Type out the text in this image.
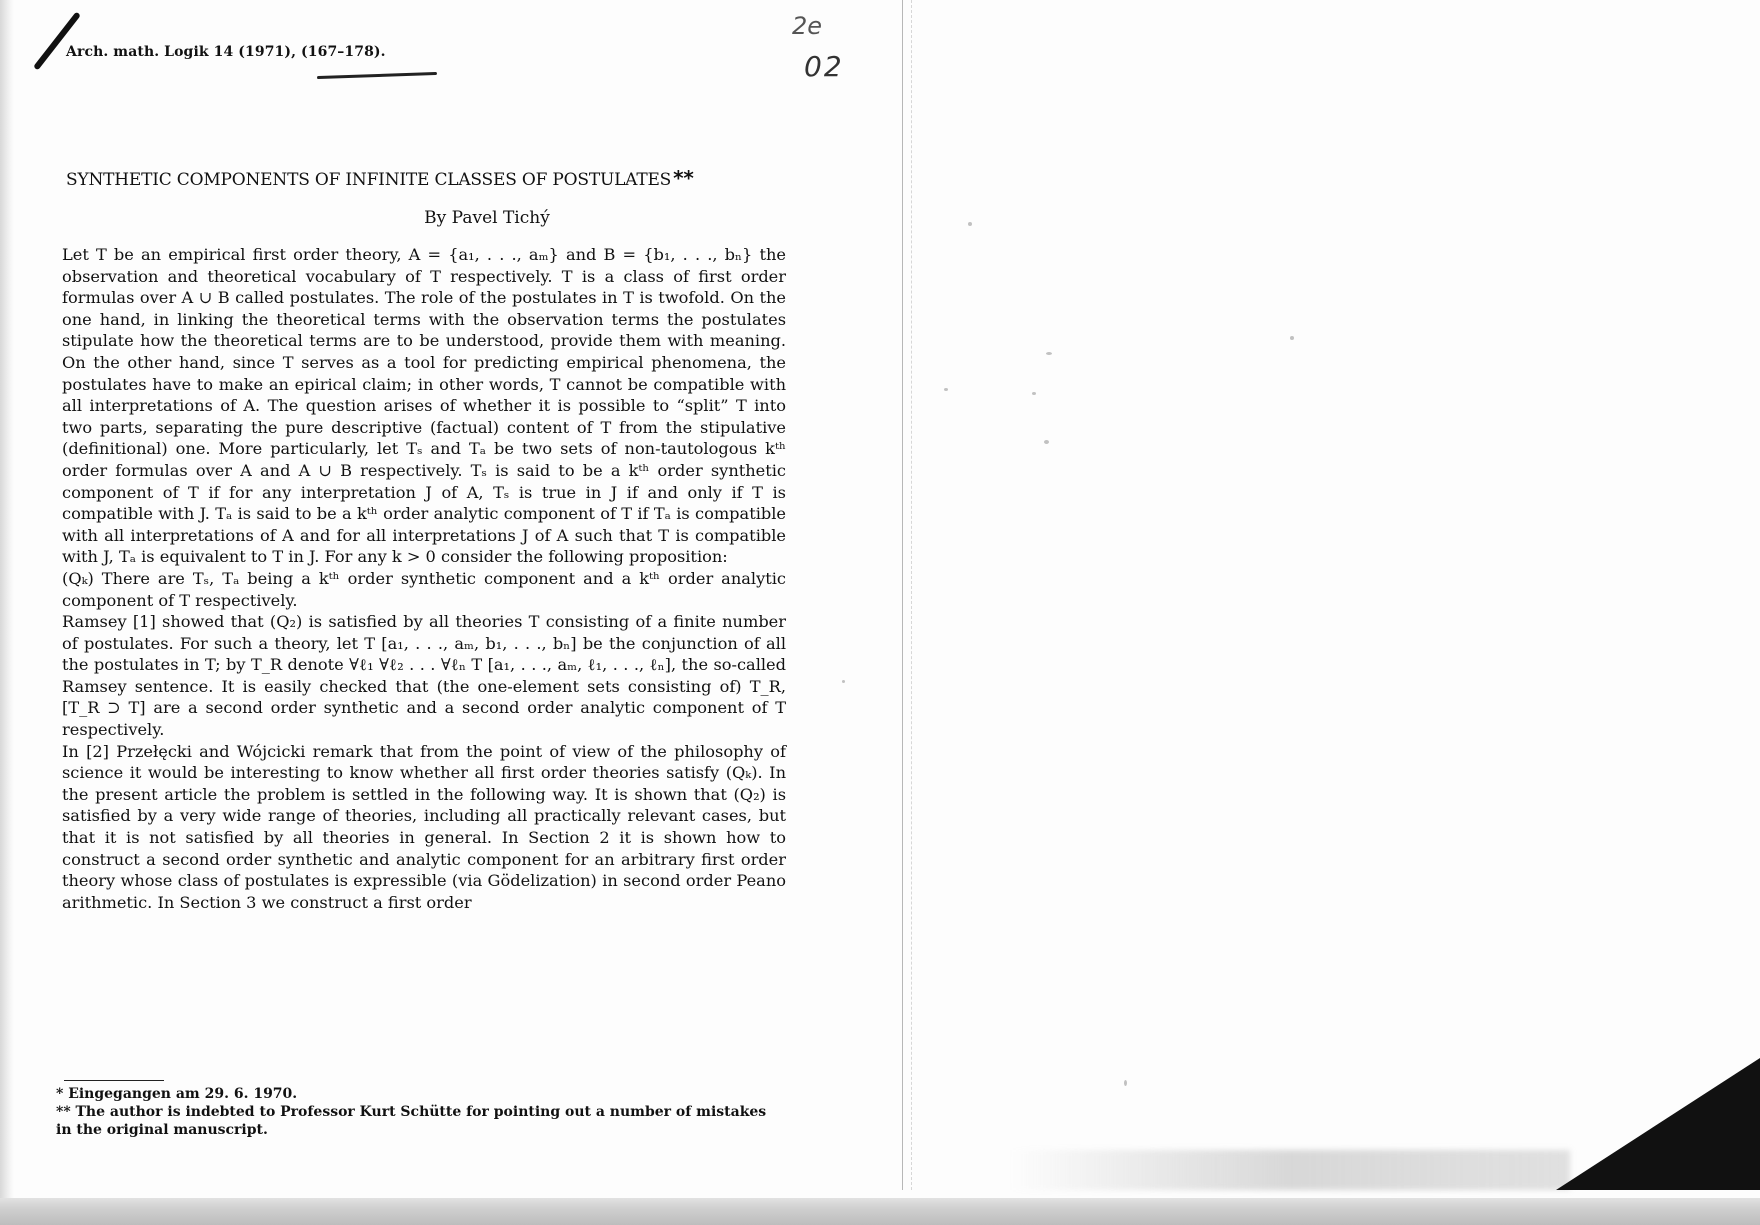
Arch. math. Logik 14 (1971), (167–178).
2e
02
SYNTHETIC COMPONENTS OF INFINITE CLASSES OF POSTULATES **
By Pavel Tichý

Let T be an empirical first order theory, A = {a₁, . . ., aₘ} and B = {b₁, . . ., bₙ} the observation and theoretical vocabulary of T respectively. T is a class of first order formulas over A ∪ B called postulates. The role of the postulates in T is twofold. On the one hand, in linking the theoretical terms with the observation terms the postulates stipulate how the theoretical terms are to be understood, provide them with meaning. On the other hand, since T serves as a tool for predicting empirical phenomena, the postulates have to make an epirical claim; in other words, T cannot be compatible with all interpretations of A. The question arises of whether it is possible to “split” T into two parts, separating the pure descriptive (factual) content of T from the stipulative (definitional) one. More particularly, let Tₛ and Tₐ be two sets of non-tautologous kᵗʰ order formulas over A and A ∪ B respectively. Tₛ is said to be a kᵗʰ order synthetic component of T if for any interpretation J of A, Tₛ is true in J if and only if T is compatible with J. Tₐ is said to be a kᵗʰ order analytic component of T if Tₐ is compatible with all interpretations of A and for all interpretations J of A such that T is compatible with J, Tₐ is equivalent to T in J. For any k > 0 consider the following proposition:

(Qₖ) There are Tₛ, Tₐ being a kᵗʰ order synthetic component and a kᵗʰ order analytic component of T respectively.

Ramsey [1] showed that (Q₂) is satisfied by all theories T consisting of a finite number of postulates. For such a theory, let T [a₁, . . ., aₘ, b₁, . . ., bₙ] be the conjunction of all the postulates in T; by T_R denote ∀ℓ₁ ∀ℓ₂ . . . ∀ℓₙ T [a₁, . . ., aₘ, ℓ₁, . . ., ℓₙ], the so-called Ramsey sentence. It is easily checked that (the one-element sets consisting of) T_R, [T_R ⊃ T] are a second order synthetic and a second order analytic component of T respectively.

In [2] Przełęcki and Wójcicki remark that from the point of view of the philosophy of science it would be interesting to know whether all first order theories satisfy (Qₖ). In the present article the problem is settled in the following way. It is shown that (Q₂) is satisfied by a very wide range of theories, including all practically relevant cases, but that it is not satisfied by all theories in general. In Section 2 it is shown how to construct a second order synthetic and analytic component for an arbitrary first order theory whose class of postulates is expressible (via Gödelization) in second order Peano arithmetic. In Section 3 we construct a first order

* Eingegangen am 29. 6. 1970.

** The author is indebted to Professor Kurt Schütte for pointing out a number of mistakes in the original manuscript.
